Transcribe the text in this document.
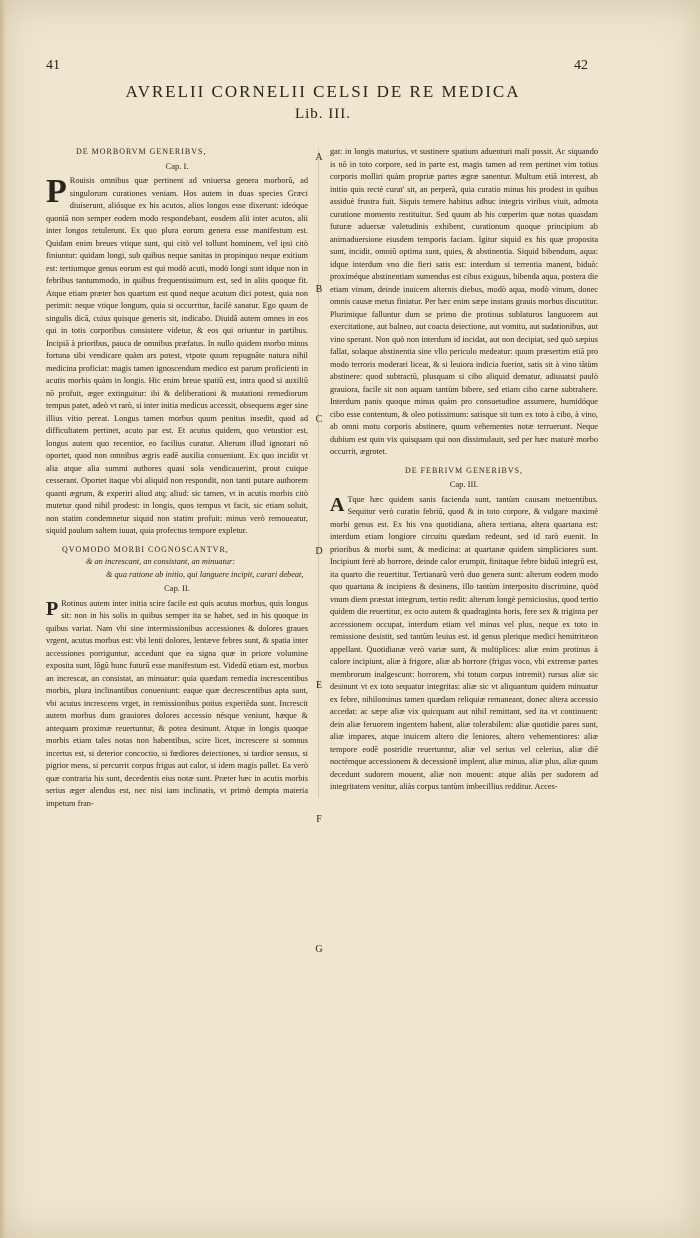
41	42
AVRELII CORNELII CELSI DE RE MEDICA
Lib. III.

DE MORBORVM GENERIBVS,

Cap. I.

P Rouisis omnibus quæ pertinent ad vniuersa genera morborũ, ad singulorum curationes veniam. Hos autem in duas species Græci diuiserunt, aliósque ex his acutos, alios longos esse dixerunt: ideóque quoniã non semper eodem modo respondebant, eosdem alii inter acutos, alii inter longos retulerunt. Ex quo plura eorum genera esse manifestum est. Quidam enim breues vtique sunt, qui citò vel tollunt hominem, vel ipsi citò finiuntur: quidam longi, sub quibus neque sanitas in propinquo neque exitium est: tertiumque genus eorum est qui modò acuti, modò longi sunt idque non in febribus tantummodo, in quibus frequentissimum est, sed in aliis quoque fit. Atque etiam præter hos quartum est quod neque acutum dici potest, quia non perimit: neque vtique longum, quia si occurritur, facilè sanatur. Ego quum de singulis dicã, cuius quisque generis sit, indicabo. Diuidã autem omnes in eos qui in totis corporibus consistere videtur, & eos qui oriuntur in partibus. Incipiã à prioribus, pauca de omnibus præfatus. In nullo quidem morbo minus fortuna sibi vendicare quàm ars potest, vtpote quum repugnãte natura nihil medicina proficiat: magis tamen ignoscendum medico est parum proficienti in acutis morbis quàm in longis. Hic enim breue spatiũ est, intra quod si auxiliũ nõ profuit, æger extinguitur: ibi & deliberationi & mutationi remediorum tempus patet, adeò vt rarò, si inter initia medicus accessit, obsequens æger sine illius vitio pereat. Longus tamen morbus quum penitus insedit, quod ad difficultatem pertinet, acuto par est. Et acutus quidem, quo vetustior est, longus autem quo recentior, eo facilius curatur. Alterum illud ignorari nõ oportet, quod non omnibus ægris eadẽ auxilia conueniunt. Ex quo incidit vt alia atque alia summi authores quasi sola vendicauerint, prout cuique cesserant. Oportet itaque vbi aliquid non respondit, non tanti putare authorem quanti ægrum, & experiri aliud atq; aliud: sic tamen, vt in acutis morbis citò mutetur quod nihil prodest: in longis, quos tempus vt facit, sic etiam soluit, non statim condemnetur siquid non statim profuit: minus verò remoueatur, siquid paulum saltem iuuat, quia profectus tempore expletur.

QVOMODO MORBI COGNOSCANTVR,

& an increscant, an consistant, an minuatur:

& qua ratione ab initio, qui languere incipit, curari debeat,

Cap. II.

P Rotinus autem inter initia scire facile est quis acutus morbus, quis longus sit: non in his solis in quibus semper ita se habet, sed in his quoque in quibus variat. Nam vbi sine intermissionibus accessiones & dolores graues vrgent, acutus morbus est: vbi lenti dolores, lentæve febres sunt, & spatia inter accessiones porriguntur, accedunt que ea signa quæ in priore volumine exposita sunt, lõgũ hunc futurũ esse manifestum est. Videdũ etiam est, morbus an increscat, an consistat, an minuatur: quia quædam remedia increscentibus morbis, plura inclinantibus conueniunt: eaque quæ decrescentibus apta sunt, vbi acutus increscens vrget, in remissionibus potius experiẽda sunt. Increscit autem morbus dum grauiores dolores accessio nésque veniunt, hæque & antequam proximæ reuertuntur, & potea desinunt. Atque in longis quoque morbis etiam tales notas non habentibus, scire licet, increscere si somnus incertus est, si deterior concoctio, si fœdiores deiectiones, si tardior sensus, si pigrior mens, si percurrit corpus frigus aut calor, si idem magis pallet. Ea verò quæ contraria his sunt, decedentis eius notæ sunt. Præter hæc in acutis morbis serius æger alendus est, nec nisi iam inclinatis, vt primò dempta materia impetum fran-

gat: in longis maturius, vt sustinere spatium aduenturi mali possit. Ac siquando is nõ in toto corpore, sed in parte est, magis tamen ad rem pertinet vim totius corporis molliri quàm propriæ partes ægræ sanentur. Multum etiã interest, ab initio quis rectè curat' sit, an perperã, quia curatio minus his prodest in quibus assiduè frustra fuit. Siquis temere habitus adhuc integris viribus viuit, admota curatione momento restituitur. Sed quum ab his cœperim quæ notas quasdam futuræ aduersæ valetudinis exhibent, curationum quoque principium ab animaduersione eiusdem temporis faciam. Igitur siquid ex his quæ proposita sunt, incidit, omniũ optima sunt, quies, & abstinentia. Siquid bibendum, aqua: idque interdum vno die fieri satis est: interdum si terrentia manent, biduò: proximéque abstinentiam sumendus est cibus exiguus, bibenda aqua, postera die etiam vinum, deinde inuicem alternis diebus, modò aqua, modò vinum, donec omnis causæ metus finiatur. Per hæc enim sæpe instans grauis morbus discutitur. Plurimique falluntur dum se primo die protinus sublaturos languorem aut exercitatione, aut balneo, aut coacta deiectione, aut vomitu, aut sudationibus, aut vino sperant. Non quò non interdum id incidat, aut non decipiat, sed quò sæpius fallat, solaque abstinentia sine vllo periculo medeatur: quum præsertim etiã pro modo terroris moderari liceat, & si leuiora indicia fuerint, satis sit à vino tãtùm abstinere: quod subtractũ, plusquam si cibo aliquid dematur, adiuuatsi paulò grauiora, facile sit non aquam tantùm bibere, sed etiam cibo carne subtrahere. Interdum panis quoque minus quàm pro consuetudine assumere, humidóque cibo esse contentum, & oleo potissimum: satisque sit tum ex toto à cibo, à vino, ab omni motu corporis abstinere, quum vehementes notæ terruerunt. Neque dubium est quin vix quisquam qui non dissimulauit, sed per hæc maturè morbo occurrit, ægrotet.

DE FEBRIVM GENERIBVS,

Cap. III.

A Tque hæc quidem sanis facienda sunt, tantùm causam metuentibus. Sequitur verò curatio febriũ, quod & in toto corpore, & vulgare maximè morbi genus est. Ex his vna quotidiana, altera tertiana, altera quartana est: interdum etiam longiore circuitu quædam redeunt, sed id rarò euenit. In prioribus & morbi sunt, & medicina: at quartanæ quidem simpliciores sunt. Incipiunt ferè ab horrore, deinde calor erumpit, finitaque febre biduũ integrũ est, ita quarto die reuertitur. Tertianarũ verò duo genera sunt: alterum eodem modo quo quartana & incipiens & desinens, illo tantùm interposito discrimine, quòd vnum diem præstat integrum, tertio redit: alterum longè perniciosius, quod tertio quidem die reuertitur, ex octo autem & quadraginta horis, fere sex & triginta per accessionem occupat, interdum etiam vel minus vel plus, neque ex toto in remissione desistit, sed tantùm leuius est. id genus plerique medici hemitritæon appellant. Quotidianæ verò variæ sunt, & multiplices: aliæ enim protinus à calore incipiunt, aliæ à frigore, aliæ ab horrore (frigus voco, vbi extremæ partes membrorum inalgescunt: horrorem, vbi totum corpus intremit) rursus aliæ sic desinunt vt ex toto sequatur integritas: aliæ sic vt aliquantum quidem minuatur ex febre, nihilominus tamen quædam reliquiæ remaneant, donec altera accessio accedat: ac sæpe aliæ vix quicquam aut nihil remittant, sed ita vt continuent: dein aliæ feruorem ingentem habent, aliæ tolerabilem: aliæ quotidie pares sunt, aliæ impares, atque inuicem altero die leniores, altero vehementiores: aliæ tempore eodẽ postridie reuertuntur, aliæ vel serius vel celerius, aliæ diẽ noctémque accessionem & decessionẽ implent, aliæ minus, aliæ plus, aliæ quum decedunt sudorem mouent, aliæ non mouent: atque aliàs per sudorem ad integritatem venitur, aliàs corpus tantùm imbecillius redditur. Acces-

A
B
C
D
E
F
G
